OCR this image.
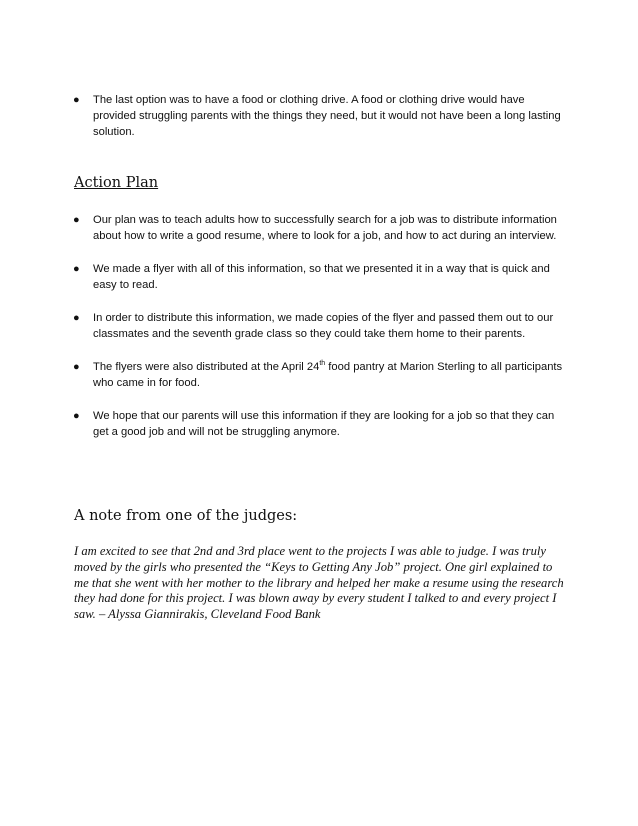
● The last option was to have a food or clothing drive. A food or clothing drive would have provided struggling parents with the things they need, but it would not have been a long lasting solution.
Action Plan
● Our plan was to teach adults how to successfully search for a job was to distribute information about how to write a good resume, where to look for a job, and how to act during an interview.
● We made a flyer with all of this information, so that we presented it in a way that is quick and easy to read.
● In order to distribute this information, we made copies of the flyer and passed them out to our classmates and the seventh grade class so they could take them home to their parents.
● The flyers were also distributed at the April 24th food pantry at Marion Sterling to all participants who came in for food.
● We hope that our parents will use this information if they are looking for a job so that they can get a good job and will not be struggling anymore.
A note from one of the judges:

I am excited to see that 2nd and 3rd place went to the projects I was able to judge. I was truly moved by the girls who presented the “Keys to Getting Any Job” project. One girl explained to me that she went with her mother to the library and helped her make a resume using the research they had done for this project. I was blown away by every student I talked to and every project I saw. – Alyssa Giannirakis, Cleveland Food Bank
